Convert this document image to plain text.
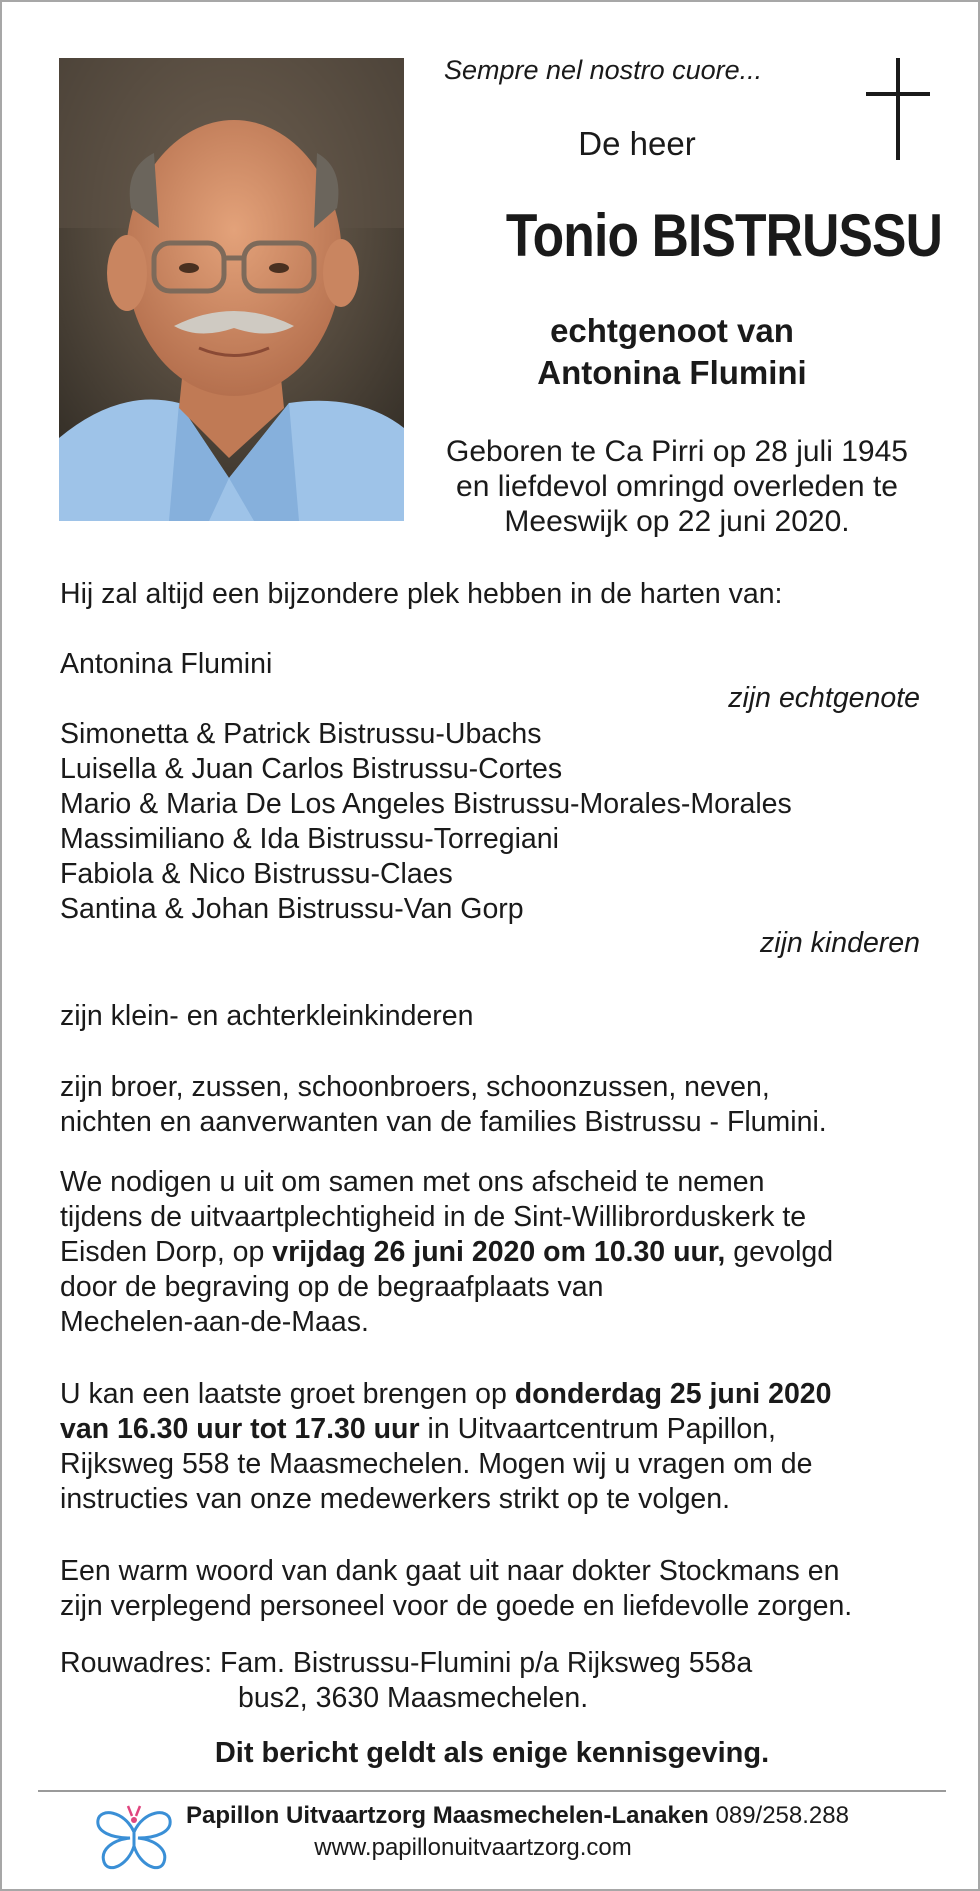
Sempre nel nostro cuore...
De heer
Tonio BISTRUSSU
echtgenoot van
Antonina Flumini
Geboren te Ca Pirri op 28 juli 1945
en liefdevol omringd overleden te
Meeswijk op 22 juni 2020.
Hij zal altijd een bijzondere plek hebben in de harten van:
Antonina Flumini
zijn echtgenote
Simonetta & Patrick Bistrussu-Ubachs
Luisella & Juan Carlos Bistrussu-Cortes
Mario & Maria De Los Angeles Bistrussu-Morales-Morales
Massimiliano & Ida Bistrussu-Torregiani
Fabiola & Nico Bistrussu-Claes
Santina & Johan Bistrussu-Van Gorp
zijn kinderen
zijn klein- en achterkleinkinderen
zijn broer, zussen, schoonbroers, schoonzussen, neven,
nichten en aanverwanten van de families Bistrussu - Flumini.
We nodigen u uit om samen met ons afscheid te nemen
tijdens de uitvaartplechtigheid in de Sint-Willibrorduskerk te
Eisden Dorp, op vrijdag 26 juni 2020 om 10.30 uur, gevolgd
door de begraving op de begraafplaats van
Mechelen-aan-de-Maas.
U kan een laatste groet brengen op donderdag 25 juni 2020
van 16.30 uur tot 17.30 uur in Uitvaartcentrum Papillon,
Rijksweg 558 te Maasmechelen. Mogen wij u vragen om de
instructies van onze medewerkers strikt op te volgen.
Een warm woord van dank gaat uit naar dokter Stockmans en
zijn verplegend personeel voor de goede en liefdevolle zorgen.
Rouwadres: Fam. Bistrussu-Flumini p/a Rijksweg 558a
bus2, 3630 Maasmechelen.
Dit bericht geldt als enige kennisgeving.
Papillon Uitvaartzorg Maasmechelen-Lanaken 089/258.288
www.papillonuitvaartzorg.com
